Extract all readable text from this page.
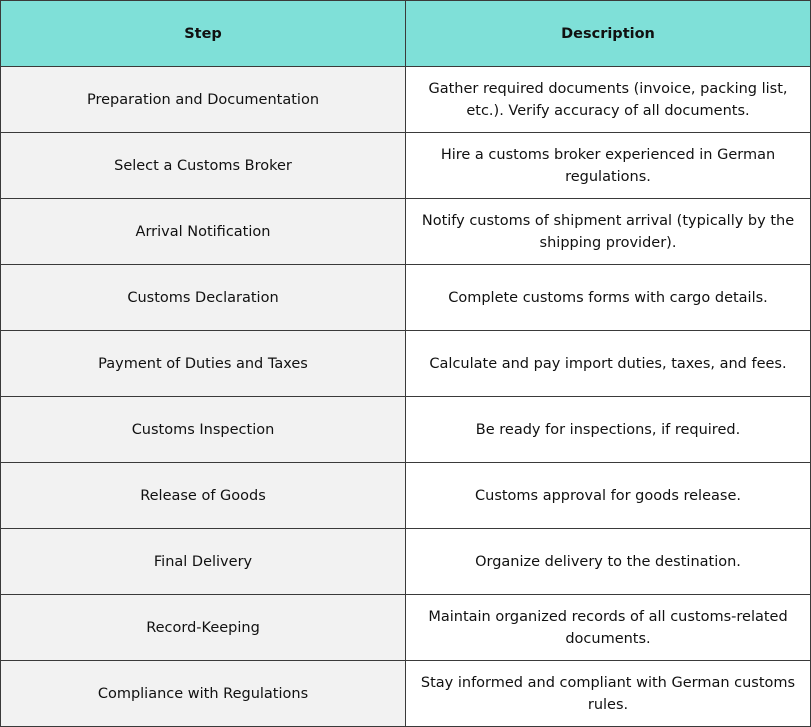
Step	Description
Preparation and Documentation	Gather required documents (invoice, packing list, etc.). Verify accuracy of all documents.
Select a Customs Broker	Hire a customs broker experienced in German regulations.
Arrival Notification	Notify customs of shipment arrival (typically by the shipping provider).
Customs Declaration	Complete customs forms with cargo details.
Payment of Duties and Taxes	Calculate and pay import duties, taxes, and fees.
Customs Inspection	Be ready for inspections, if required.
Release of Goods	Customs approval for goods release.
Final Delivery	Organize delivery to the destination.
Record-Keeping	Maintain organized records of all customs-related documents.
Compliance with Regulations	Stay informed and compliant with German customs rules.
